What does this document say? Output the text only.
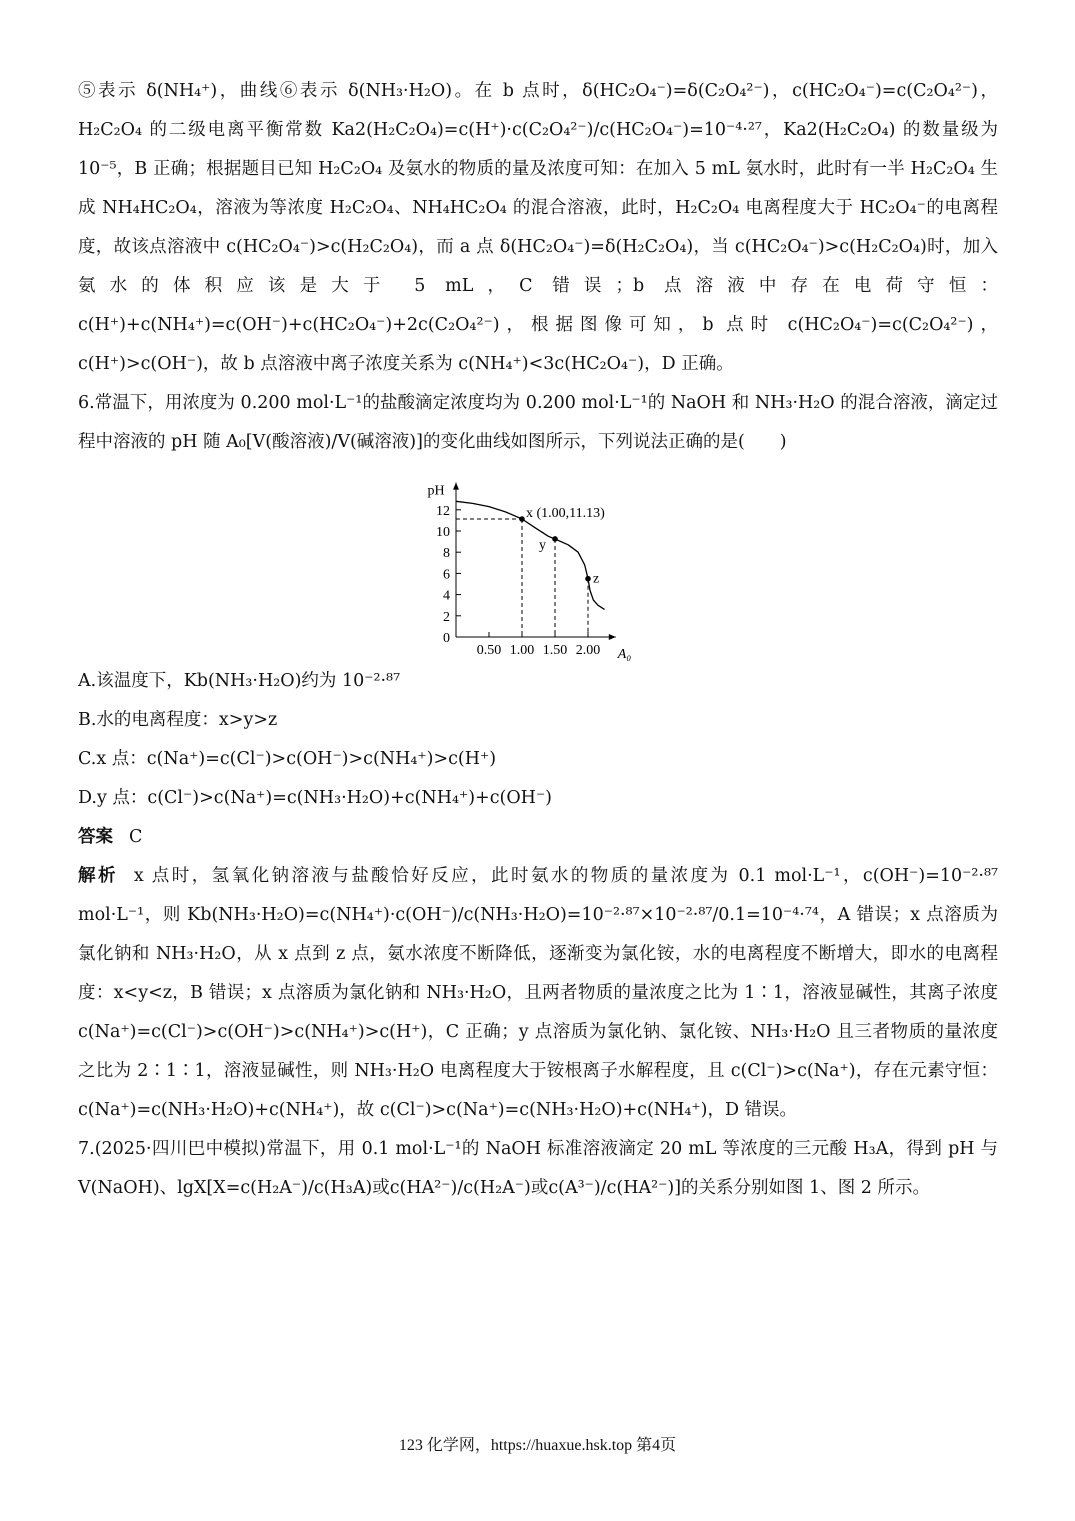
⑤表示 δ(NH₄⁺)，曲线⑥表示 δ(NH₃·H₂O)。在 b 点时，δ(HC₂O₄⁻)=δ(C₂O₄²⁻)，c(HC₂O₄⁻)=c(C₂O₄²⁻)，H₂C₂O₄ 的二级电离平衡常数 Ka2(H₂C₂O₄)=c(H⁺)·c(C₂O₄²⁻)/c(HC₂O₄⁻)=10⁻⁴·²⁷，Ka2(H₂C₂O₄) 的数量级为 10⁻⁵，B 正确；根据题目已知 H₂C₂O₄ 及氨水的物质的量及浓度可知：在加入 5 mL 氨水时，此时有一半 H₂C₂O₄ 生成 NH₄HC₂O₄，溶液为等浓度 H₂C₂O₄、NH₄HC₂O₄ 的混合溶液，此时，H₂C₂O₄ 电离程度大于 HC₂O₄⁻的电离程度，故该点溶液中 c(HC₂O₄⁻)>c(H₂C₂O₄)，而 a 点 δ(HC₂O₄⁻)=δ(H₂C₂O₄)，当 c(HC₂O₄⁻)>c(H₂C₂O₄)时，加入氨水的体积应该是大于 5 mL，C 错误；b 点溶液中存在电荷守恒：c(H⁺)+c(NH₄⁺)=c(OH⁻)+c(HC₂O₄⁻)+2c(C₂O₄²⁻)，根据图像可知，b 点时 c(HC₂O₄⁻)=c(C₂O₄²⁻)，c(H⁺)>c(OH⁻)，故 b 点溶液中离子浓度关系为 c(NH₄⁺)<3c(HC₂O₄⁻)，D 正确。

6.常温下，用浓度为 0.200 mol·L⁻¹的盐酸滴定浓度均为 0.200 mol·L⁻¹的 NaOH 和 NH₃·H₂O 的混合溶液，滴定过程中溶液的 pH 随 A₀[V(酸溶液)/V(碱溶液)]的变化曲线如图所示，下列说法正确的是(　　)

0
2
4
6
8
10
12
0.50 1.00 1.50 2.00
pH
A₀
x (1.00,11.13)
y
z

A.该温度下，Kb(NH₃·H₂O)约为 10⁻²·⁸⁷

B.水的电离程度：x>y>z

C.x 点：c(Na⁺)=c(Cl⁻)>c(OH⁻)>c(NH₄⁺)>c(H⁺)

D.y 点：c(Cl⁻)>c(Na⁺)=c(NH₃·H₂O)+c(NH₄⁺)+c(OH⁻)

答案 C

解析 x 点时，氢氧化钠溶液与盐酸恰好反应，此时氨水的物质的量浓度为 0.1 mol·L⁻¹，c(OH⁻)=10⁻²·⁸⁷ mol·L⁻¹，则 Kb(NH₃·H₂O)=c(NH₄⁺)·c(OH⁻)/c(NH₃·H₂O)=10⁻²·⁸⁷×10⁻²·⁸⁷/0.1=10⁻⁴·⁷⁴，A 错误；x 点溶质为氯化钠和 NH₃·H₂O，从 x 点到 z 点，氨水浓度不断降低，逐渐变为氯化铵，水的电离程度不断增大，即水的电离程度：x<y<z，B 错误；x 点溶质为氯化钠和 NH₃·H₂O，且两者物质的量浓度之比为 1∶1，溶液显碱性，其离子浓度 c(Na⁺)=c(Cl⁻)>c(OH⁻)>c(NH₄⁺)>c(H⁺)，C 正确；y 点溶质为氯化钠、氯化铵、NH₃·H₂O 且三者物质的量浓度之比为 2∶1∶1，溶液显碱性，则 NH₃·H₂O 电离程度大于铵根离子水解程度，且 c(Cl⁻)>c(Na⁺)，存在元素守恒：c(Na⁺)=c(NH₃·H₂O)+c(NH₄⁺)，故 c(Cl⁻)>c(Na⁺)=c(NH₃·H₂O)+c(NH₄⁺)，D 错误。

7.(2025·四川巴中模拟)常温下，用 0.1 mol·L⁻¹的 NaOH 标准溶液滴定 20 mL 等浓度的三元酸 H₃A，得到 pH 与 V(NaOH)、lgX[X=c(H₂A⁻)/c(H₃A)或c(HA²⁻)/c(H₂A⁻)或c(A³⁻)/c(HA²⁻)]的关系分别如图 1、图 2 所示。

123 化学网，https://huaxue.hsk.top 第4页
